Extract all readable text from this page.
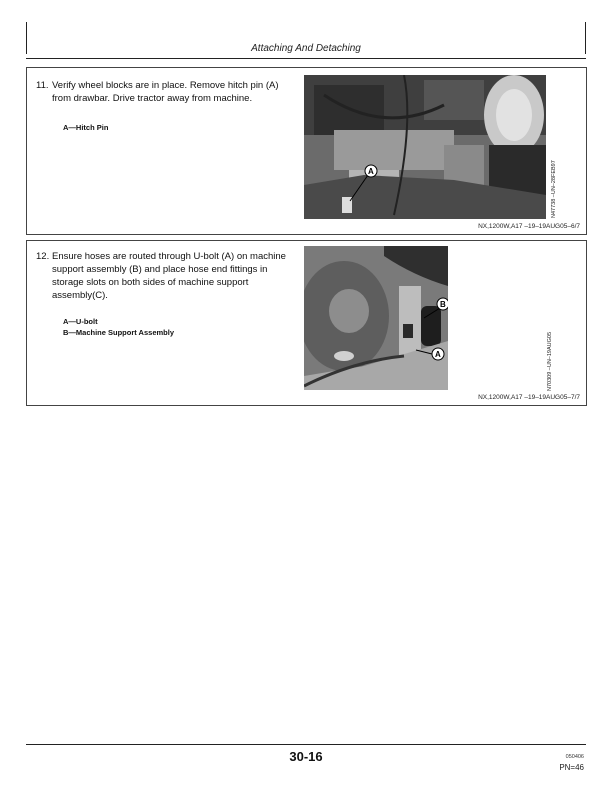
Attaching And Detaching
11. Verify wheel blocks are in place. Remove hitch pin (A) from drawbar. Drive tractor away from machine.
A—Hitch Pin
A	N47738 –UN–28FEB97
NX,1200W,A17 –19–19AUG05–6/7
12. Ensure hoses are routed through U-bolt (A) on machine support assembly (B) and place hose end fittings in storage slots on both sides of machine support assembly(C).
A—U-bolt
B—Machine Support Assembly
B
A	N70309 –UN–19AUG05
NX,1200W,A17 –19–19AUG05–7/7
30-16	050406
PN=46
